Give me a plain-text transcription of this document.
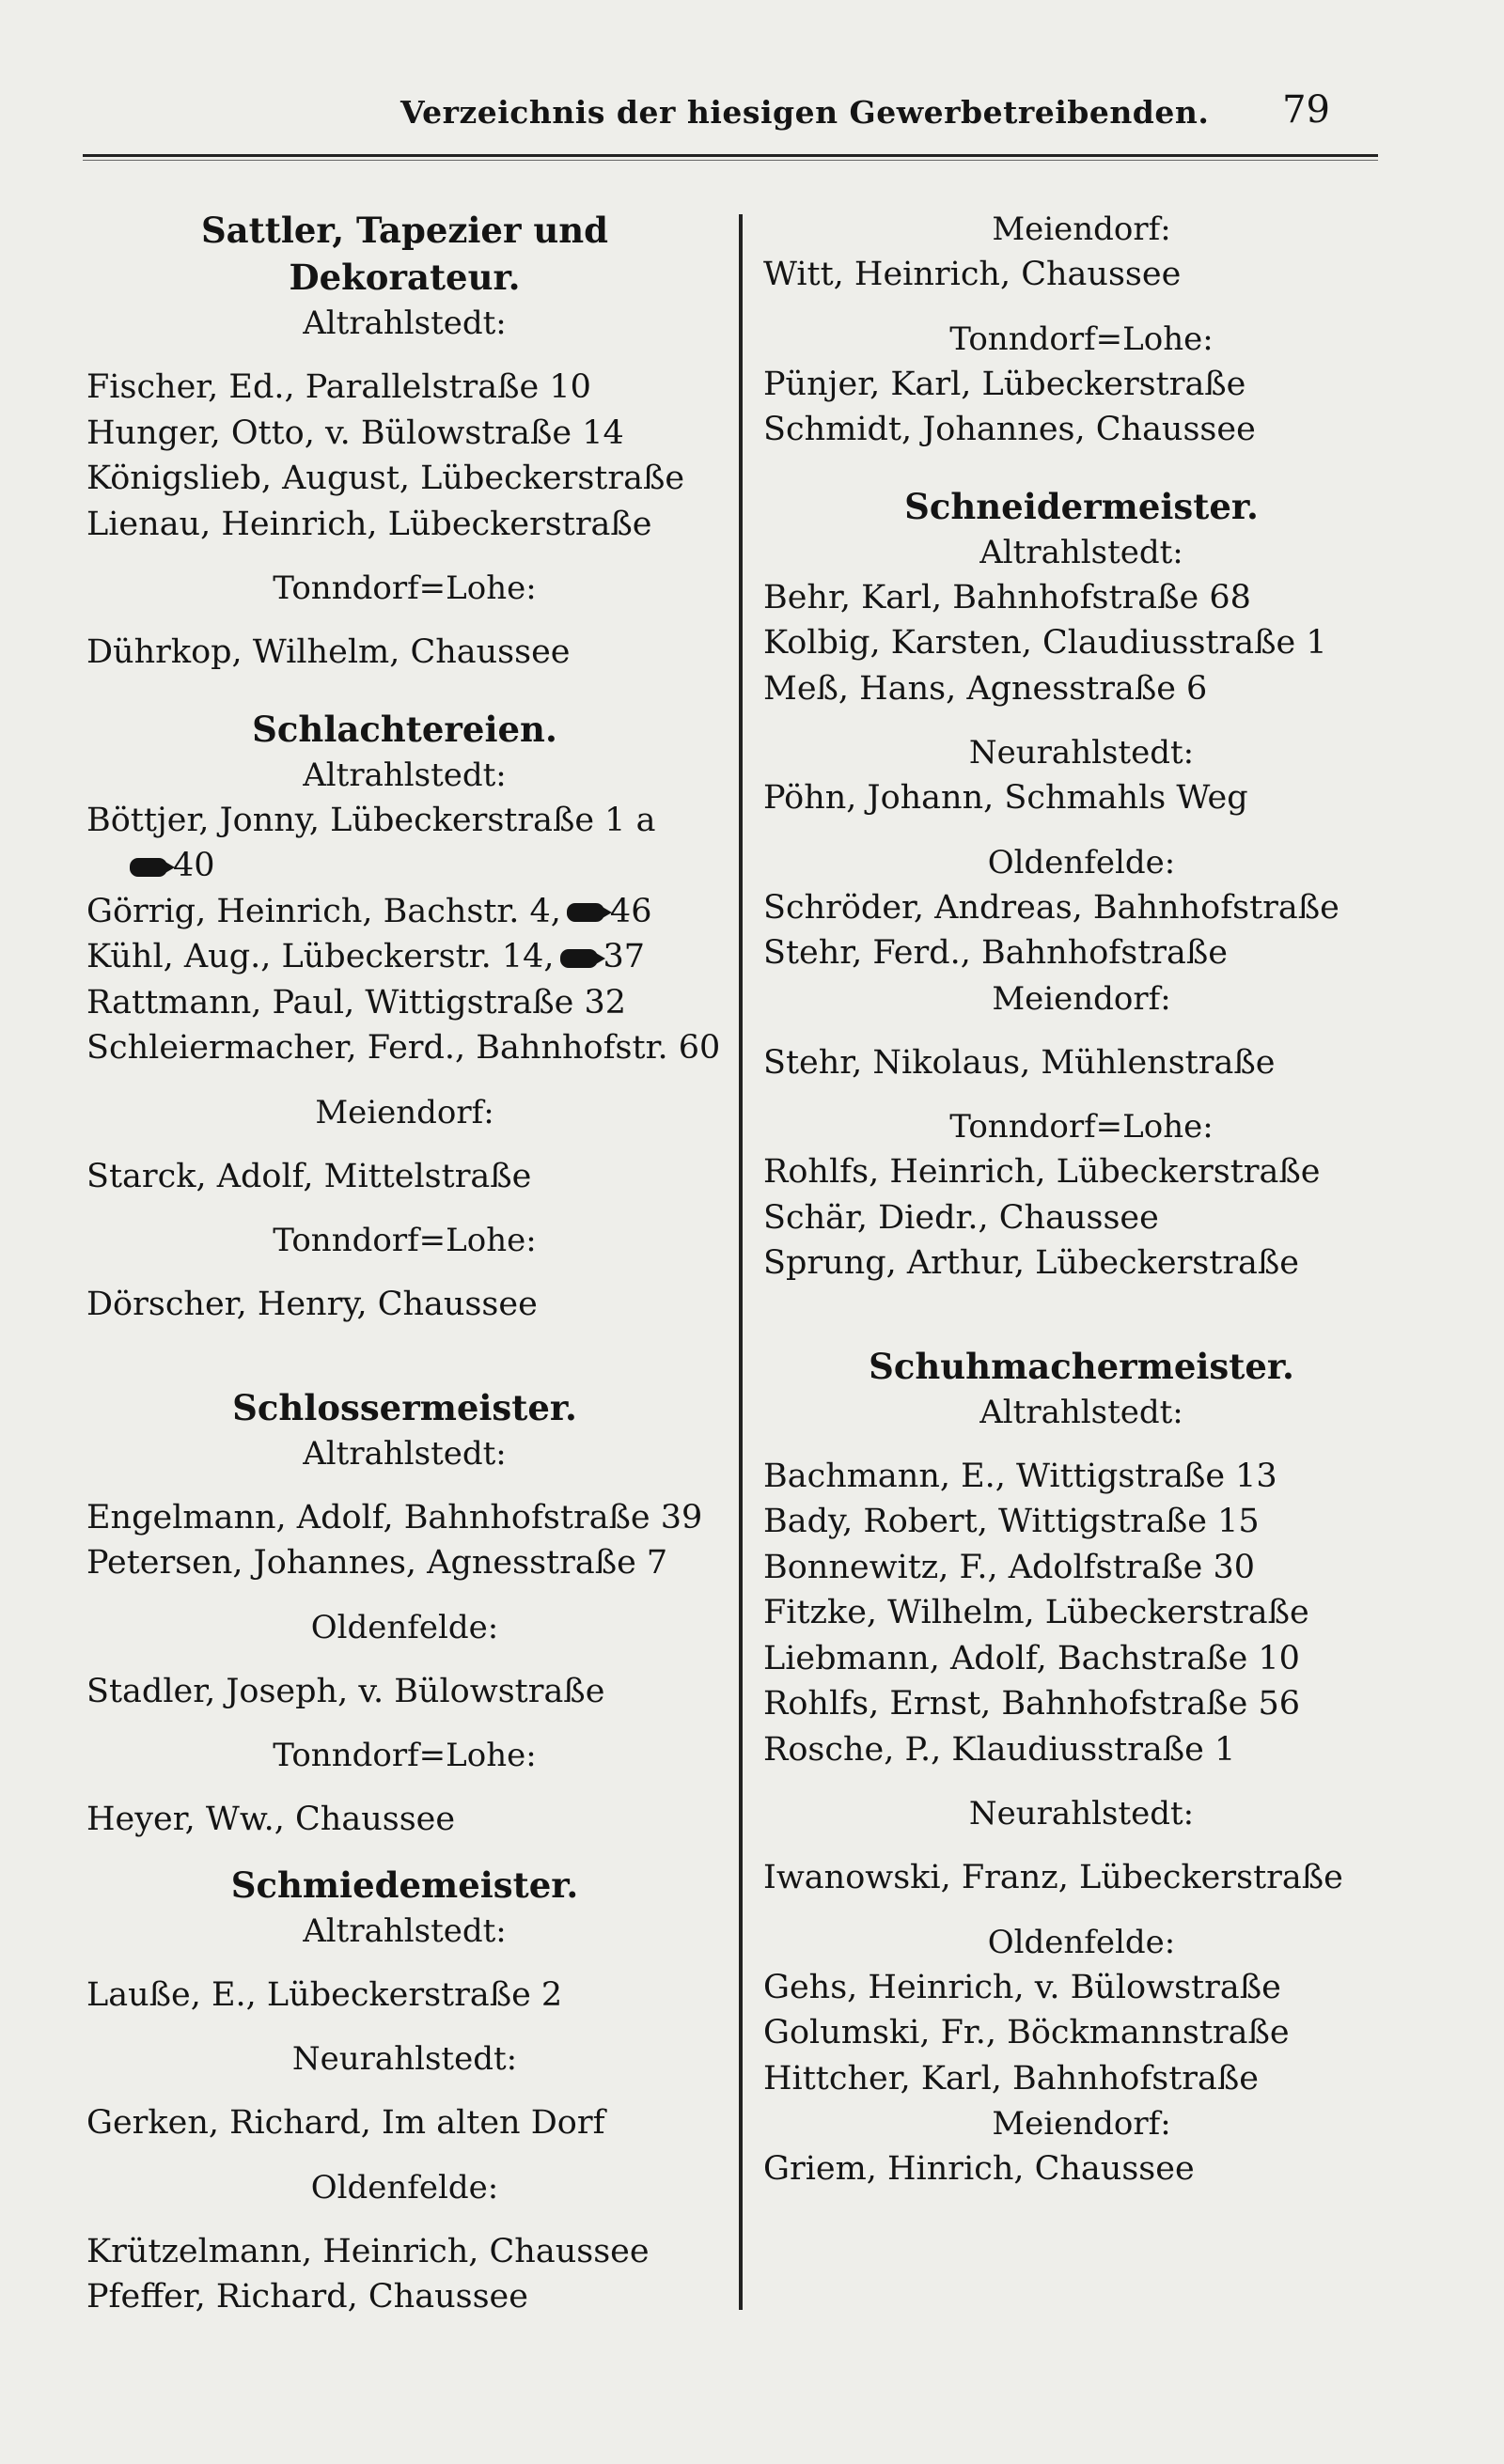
Verzeichnis der hiesigen Gewerbetreibenden. 79
Sattler, Tapezier und Dekorateur.
Altrahlstedt:
Fischer, Ed., Parallelstraße 10
Hunger, Otto, v. Bülowstraße 14
Königslieb, August, Lübeckerstraße
Lienau, Heinrich, Lübeckerstraße
Tonndorf=Lohe:
Dührkop, Wilhelm, Chaussee
Schlachtereien.
Altrahlstedt:
Böttjer, Jonny, Lübeckerstraße 1 a
40
Görrig, Heinrich, Bachstr. 4, 46
Kühl, Aug., Lübeckerstr. 14, 37
Rattmann, Paul, Wittigstraße 32
Schleiermacher, Ferd., Bahnhofstr. 60
Meiendorf:
Starck, Adolf, Mittelstraße
Tonndorf=Lohe:
Dörscher, Henry, Chaussee
Schlossermeister.
Altrahlstedt:
Engelmann, Adolf, Bahnhofstraße 39
Petersen, Johannes, Agnesstraße 7
Oldenfelde:
Stadler, Joseph, v. Bülowstraße
Tonndorf=Lohe:
Heyer, Ww., Chaussee
Schmiedemeister.
Altrahlstedt:
Lauße, E., Lübeckerstraße 2
Neurahlstedt:
Gerken, Richard, Im alten Dorf
Oldenfelde:
Krützelmann, Heinrich, Chaussee
Pfeffer, Richard, Chaussee
Meiendorf:
Witt, Heinrich, Chaussee
Tonndorf=Lohe:
Pünjer, Karl, Lübeckerstraße
Schmidt, Johannes, Chaussee
Schneidermeister.
Altrahlstedt:
Behr, Karl, Bahnhofstraße 68
Kolbig, Karsten, Claudiusstraße 1
Meß, Hans, Agnesstraße 6
Neurahlstedt:
Pöhn, Johann, Schmahls Weg
Oldenfelde:
Schröder, Andreas, Bahnhofstraße
Stehr, Ferd., Bahnhofstraße
Meiendorf:
Stehr, Nikolaus, Mühlenstraße
Tonndorf=Lohe:
Rohlfs, Heinrich, Lübeckerstraße
Schär, Diedr., Chaussee
Sprung, Arthur, Lübeckerstraße
Schuhmachermeister.
Altrahlstedt:
Bachmann, E., Wittigstraße 13
Bady, Robert, Wittigstraße 15
Bonnewitz, F., Adolfstraße 30
Fitzke, Wilhelm, Lübeckerstraße
Liebmann, Adolf, Bachstraße 10
Rohlfs, Ernst, Bahnhofstraße 56
Rosche, P., Klaudiusstraße 1
Neurahlstedt:
Iwanowski, Franz, Lübeckerstraße
Oldenfelde:
Gehs, Heinrich, v. Bülowstraße
Golumski, Fr., Böckmannstraße
Hittcher, Karl, Bahnhofstraße
Meiendorf:
Griem, Hinrich, Chaussee
